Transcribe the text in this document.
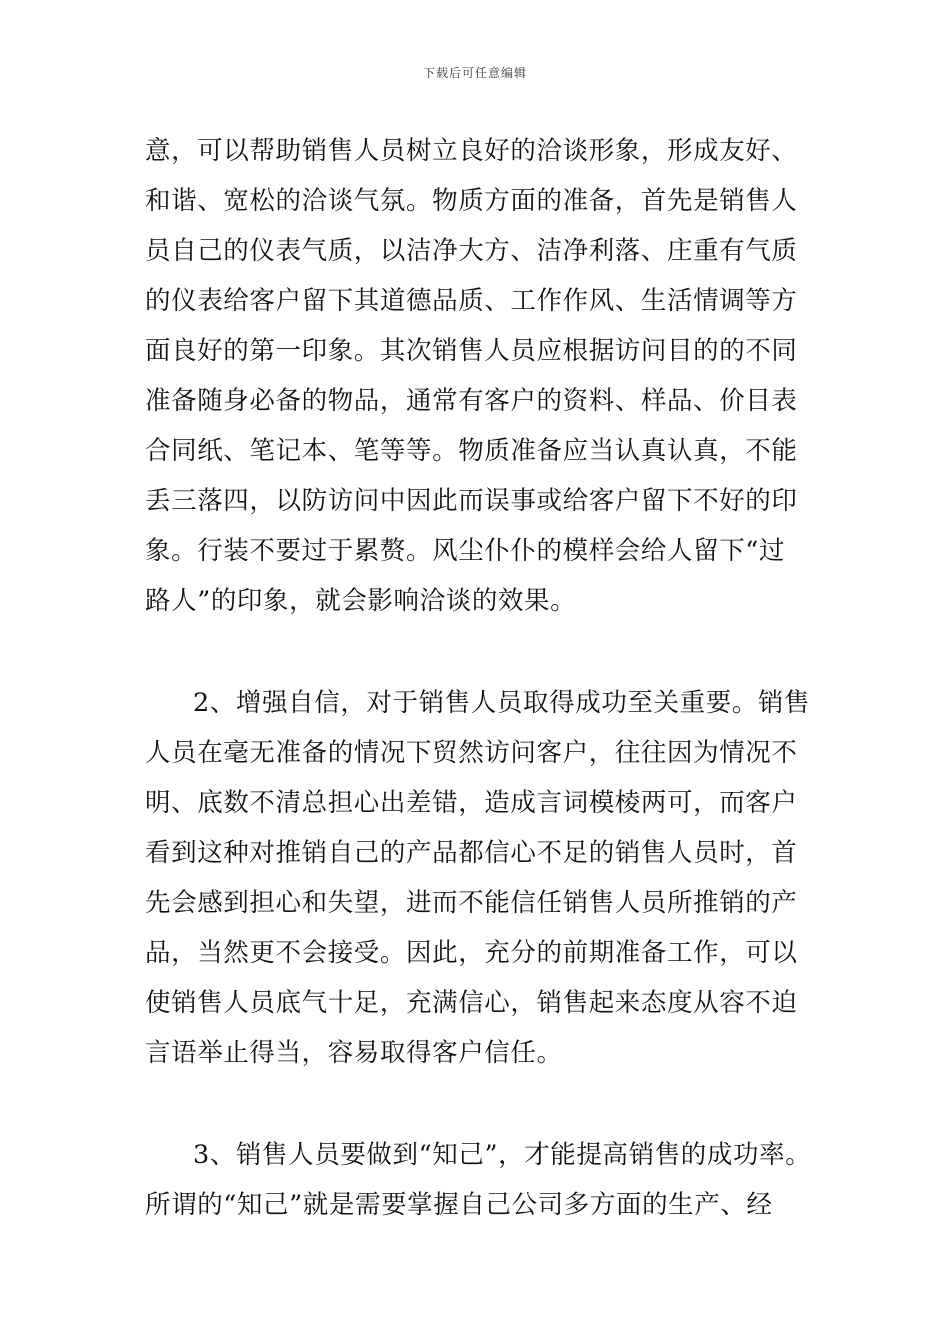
下载后可任意编辑
意，可以帮助销售人员树立良好的洽谈形象，形成友好、
和谐、宽松的洽谈气氛。物质方面的准备，首先是销售人
员自己的仪表气质，以洁净大方、洁净利落、庄重有气质
的仪表给客户留下其道德品质、工作作风、生活情调等方
面良好的第一印象。其次销售人员应根据访问目的的不同
准备随身必备的物品，通常有客户的资料、样品、价目表
合同纸、笔记本、笔等等。物质准备应当认真认真，不能
丢三落四，以防访问中因此而误事或给客户留下不好的印
象。行装不要过于累赘。风尘仆仆的模样会给人留下“过
路人”的印象，就会影响洽谈的效果。
2、增强自信，对于销售人员取得成功至关重要。销售
人员在毫无准备的情况下贸然访问客户，往往因为情况不
明、底数不清总担心出差错，造成言词模棱两可，而客户
看到这种对推销自己的产品都信心不足的销售人员时，首
先会感到担心和失望，进而不能信任销售人员所推销的产
品，当然更不会接受。因此，充分的前期准备工作，可以
使销售人员底气十足，充满信心，销售起来态度从容不迫
言语举止得当，容易取得客户信任。
3、销售人员要做到“知己”，才能提高销售的成功率。
所谓的“知己”就是需要掌握自己公司多方面的生产、经
